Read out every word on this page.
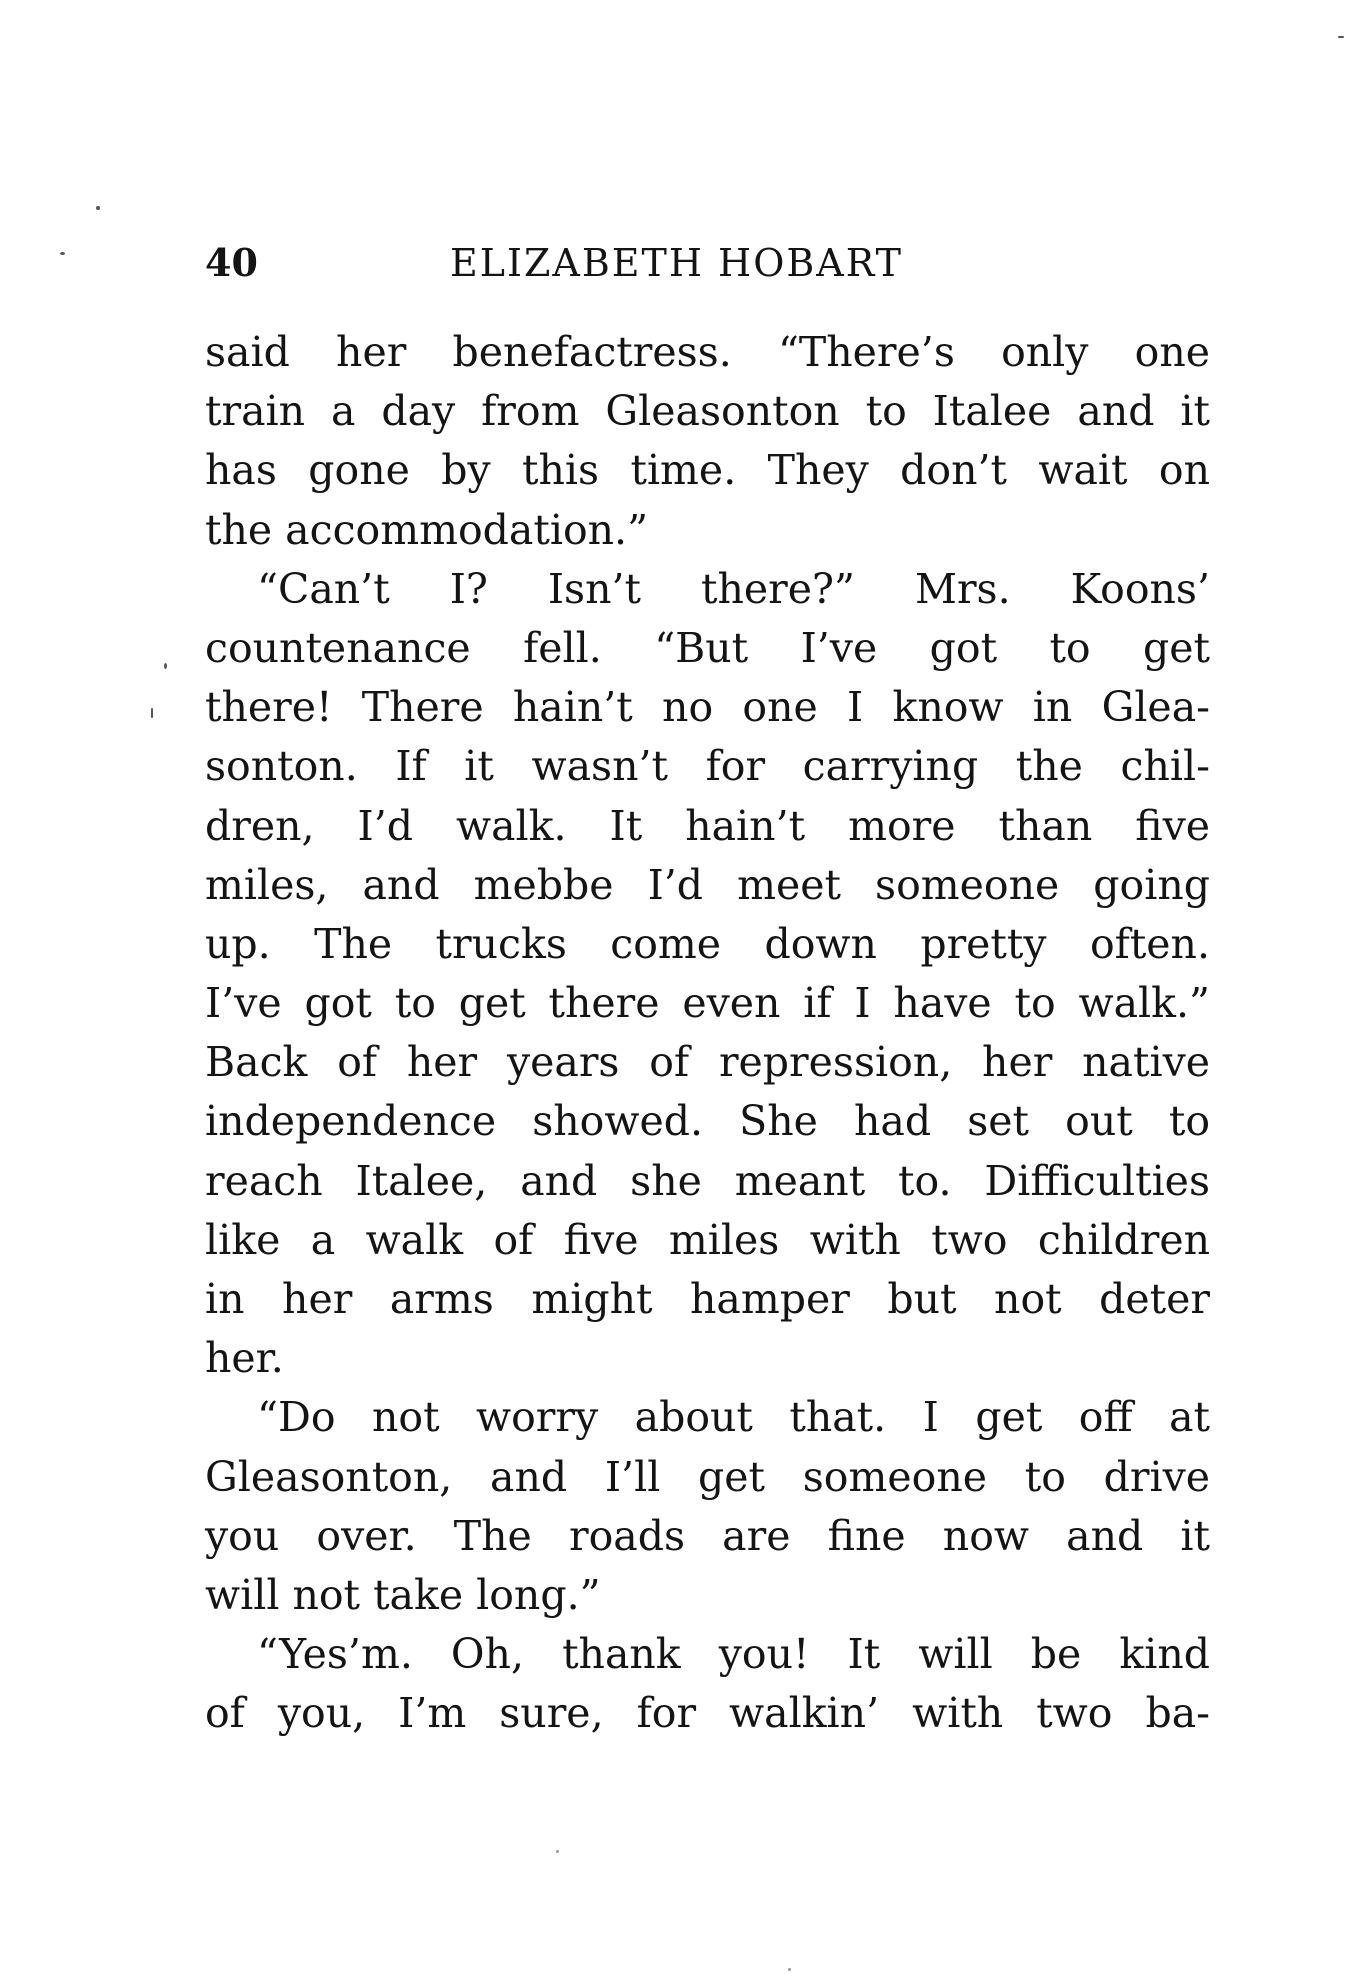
40	ELIZABETH HOBART
said her benefactress. “There’s only one
train a day from Gleasonton to Italee and it
has gone by this time. They don’t wait on
the accommodation.”
“Can’t I? Isn’t there?” Mrs. Koons’
countenance fell. “But I’ve got to get
there! There hain’t no one I know in Glea-
sonton. If it wasn’t for carrying the chil-
dren, I’d walk. It hain’t more than five
miles, and mebbe I’d meet someone going
up. The trucks come down pretty often.
I’ve got to get there even if I have to walk.”
Back of her years of repression, her native
independence showed. She had set out to
reach Italee, and she meant to. Difficulties
like a walk of five miles with two children
in her arms might hamper but not deter
her.
“Do not worry about that. I get off at
Gleasonton, and I’ll get someone to drive
you over. The roads are fine now and it
will not take long.”
“Yes’m. Oh, thank you! It will be kind
of you, I’m sure, for walkin’ with two ba-
